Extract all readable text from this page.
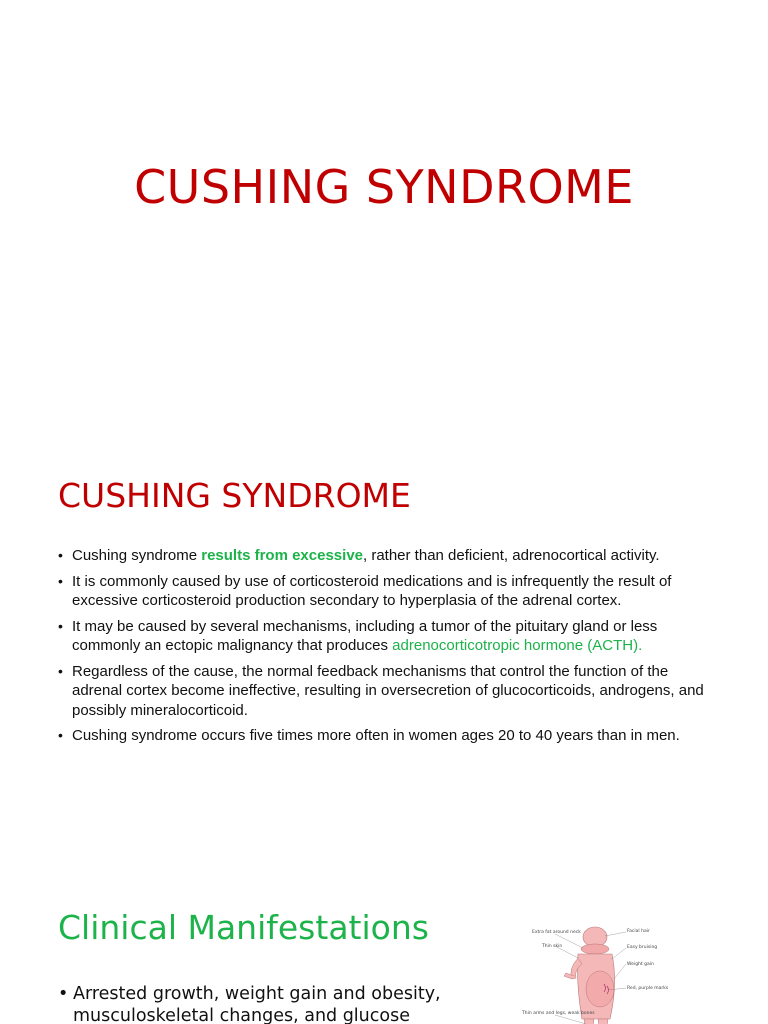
CUSHING SYNDROME
CUSHING SYNDROME
• Cushing syndrome results from excessive, rather than deficient, adrenocortical activity.
• It is commonly caused by use of corticosteroid medications and is infrequently the result of excessive corticosteroid production secondary to hyperplasia of the adrenal cortex.
• It may be caused by several mechanisms, including a tumor of the pituitary gland or less commonly an ectopic malignancy that produces adrenocorticotropic hormone (ACTH).
• Regardless of the cause, the normal feedback mechanisms that control the function of the adrenal cortex become ineffective, resulting in oversecretion of glucocorticoids, androgens, and possibly mineralocorticoid.
• Cushing syndrome occurs five times more often in women ages 20 to 40 years than in men.
Clinical Manifestations
• Arrested growth, weight gain and obesity, musculoskeletal changes, and glucose
Extra fat around neck
Thin skin
Thin arms and legs, weak bones
Facial hair
Easy bruising
Weight gain
Red, purple marks
